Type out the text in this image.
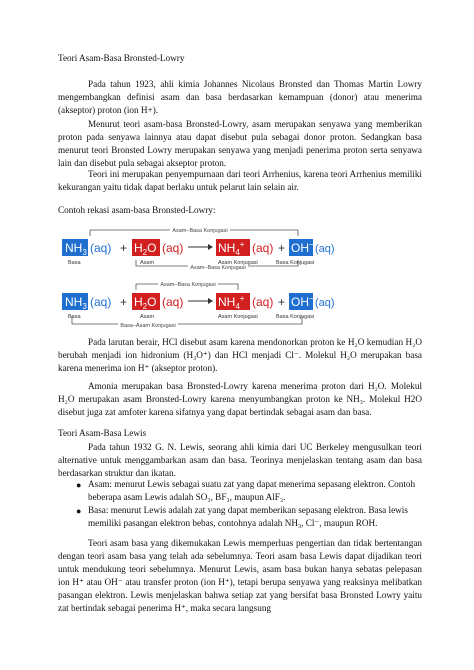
Teori Asam-Basa Bronsted-Lowry
Pada tahun 1923, ahli kimia Johannes Nicolaus Bronsted dan Thomas Martin Lowry mengembangkan definisi asam dan basa berdasarkan kemampuan (donor) atau menerima (akseptor) proton (ion H+).
Menurut teori asam-basa Bronsted-Lowry, asam merupakan senyawa yang memberikan proton pada senyawa lainnya atau dapat disebut pula sebagai donor proton. Sedangkan basa menurut teori Bronsted Lowry merupakan senyawa yang menjadi penerima proton serta senyawa lain dan disebut pula sebagai akseptor proton.
Teori ini merupakan penyempurnaan dari teori Arrhenius, karena teori Arrhenius memiliki kekurangan yaitu tidak dapat berlaku untuk pelarut lain selain air.
Contoh rekasi asam-basa Bronsted-Lowry:
Asam–Basa Konjugasi
Asam–Basa Konjugasi
$NH_3$ $(aq) + H_2O$ (aq)	$NH_4^+$ (aq) + OH− (aq)
Basa	Asam	Asam Konjugasi	Basa Konjugasi
Asam–Basa Konjugasi
Basa–Asam Konjugasi
$NH_3$ $(aq) + H_2O$ (aq)	$NH_4^+$ (aq) + OH− (aq)
Basa	Asam	Asam Konjugasi	Basa Konjugasi
Pada larutan berair, HCl disebut asam karena mendonorkan proton ke H₂O kemudian H₂O berubah menjadi ion hidronium (H₃O⁺) dan HCl menjadi Cl⁻. Molekul H₂O merupakan basa karena menerima ion H⁺ (akseptor proton).
Amonia merupakan basa Bronsted-Lowry karena menerima proton dari H₂O. Molekul H₂O merupakan asam Bronsted-Lowry karena menyumbangkan proton ke NH₃. Molekul H2O disebut juga zat amfoter karena sifatnya yang dapat bertindak sebagai asam dan basa.
Teori Asam-Basa Lewis
Pada tahun 1932 G. N. Lewis, seorang ahli kimia dari UC Berkeley mengusulkan teori alternative untuk menggambarkan asam dan basa. Teorinya menjelaskan tentang asam dan basa berdasarkan struktur dan ikatan.
● Asam: menurut Lewis sebagai suatu zat yang dapat menerima sepasang elektron. Contoh beberapa asam Lewis adalah SO₃, BF₃, maupun AlF₃.
● Basa: menurut Lewis adalah zat yang dapat memberikan sepasang elektron. Basa lewis memiliki pasangan elektron bebas, contohnya adalah NH₃, Cl⁻, maupun ROH.
Teori asam basa yang dikemukakan Lewis memperluas pengertian dan tidak bertentangan dengan teori asam basa yang telah ada sebelumnya. Teori asam basa Lewis dapat dijadikan teori untuk mendukung teori sebelumnya. Menurut Lewis, asam basa bukan hanya sebatas pelepasan ion H⁺ atau OH⁻ atau transfer proton (ion H⁺), tetapi berupa senyawa yang reaksinya melibatkan pasangan elektron. Lewis menjelaskan bahwa setiap zat yang bersifat basa Bronsted Lowry yaitu zat bertindak sebagai penerima H⁺, maka secara langsung
